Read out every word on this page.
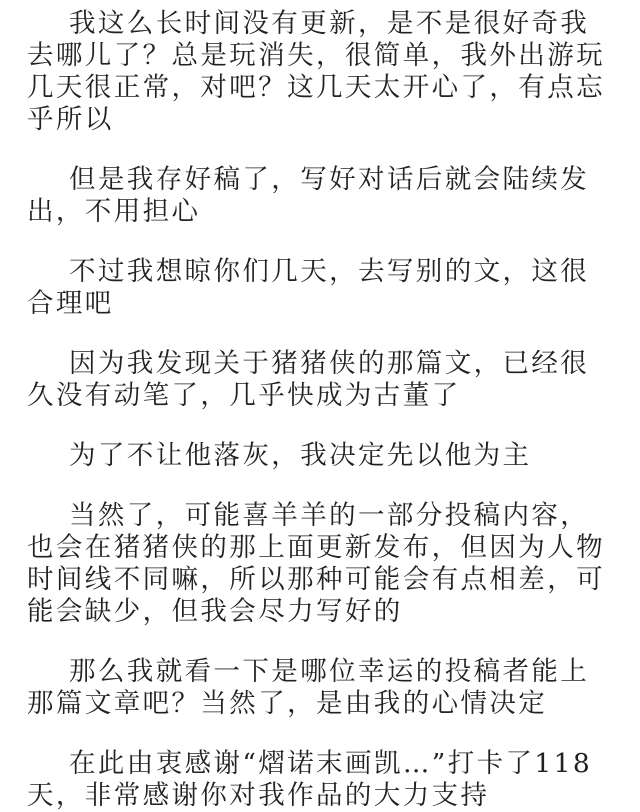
我这么长时间没有更新，是不是很好奇我去哪儿了？总是玩消失，很简单，我外出游玩几天很正常，对吧？这几天太开心了，有点忘乎所以

但是我存好稿了，写好对话后就会陆续发出，不用担心

不过我想晾你们几天，去写别的文，这很合理吧

因为我发现关于猪猪侠的那篇文，已经很久没有动笔了，几乎快成为古董了

为了不让他落灰，我决定先以他为主

当然了，可能喜羊羊的一部分投稿内容，也会在猪猪侠的那上面更新发布，但因为人物时间线不同嘛，所以那种可能会有点相差，可能会缺少，但我会尽力写好的

那么我就看一下是哪位幸运的投稿者能上那篇文章吧？当然了，是由我的心情决定

在此由衷感谢“熠诺末画凯…”打卡了118天，非常感谢你对我作品的大力支持
